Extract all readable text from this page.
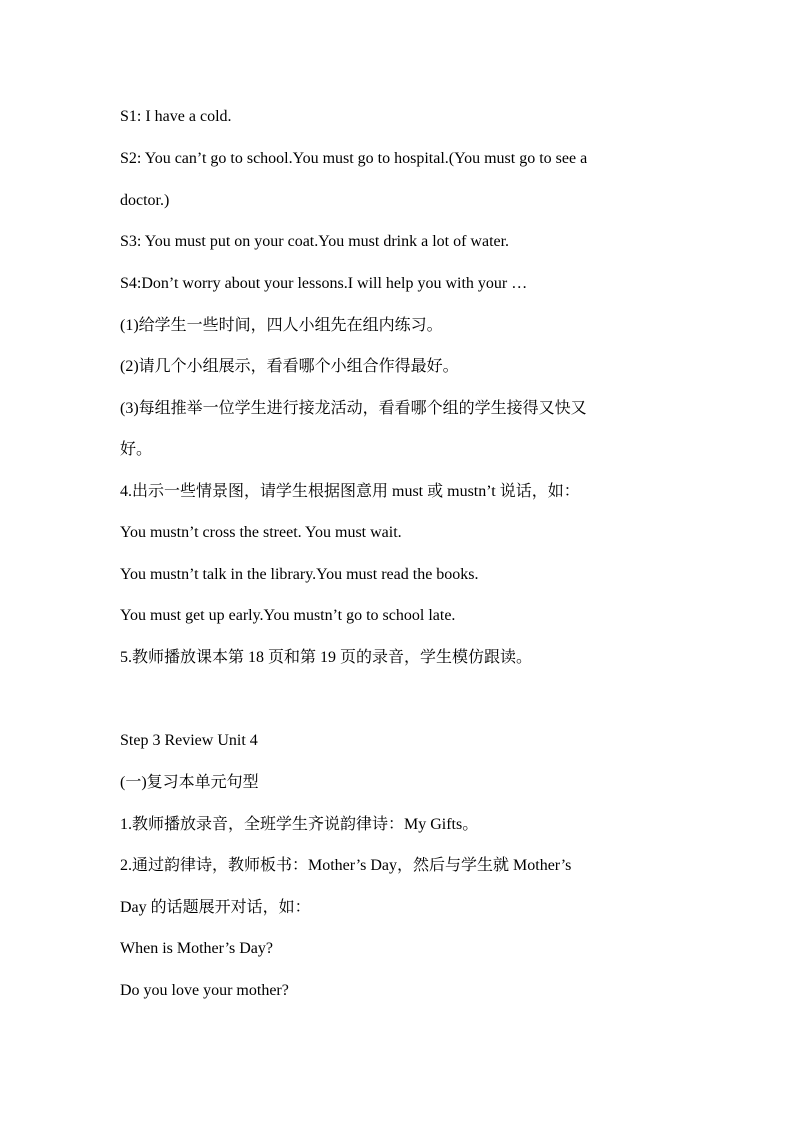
S1: I have a cold.
S2: You can’t go to school.You must go to hospital.(You must go to see a
doctor.)
S3: You must put on your coat.You must drink a lot of water.
S4:Don’t worry about your lessons.I will help you with your …
(1)给学生一些时间，四人小组先在组内练习。
(2)请几个小组展示，看看哪个小组合作得最好。
(3)每组推举一位学生进行接龙活动，看看哪个组的学生接得又快又
好。
4.出示一些情景图，请学生根据图意用 must 或 mustn’t 说话，如：
You mustn’t cross the street. You must wait.
You mustn’t talk in the library.You must read the books.
You must get up early.You mustn’t go to school late.
5.教师播放课本第 18 页和第 19 页的录音，学生模仿跟读。
Step 3 Review Unit 4
(一)复习本单元句型
1.教师播放录音，全班学生齐说韵律诗：My Gifts。
2.通过韵律诗，教师板书：Mother’s Day，然后与学生就 Mother’s
Day 的话题展开对话，如：
When is Mother’s Day?
Do you love your mother?
